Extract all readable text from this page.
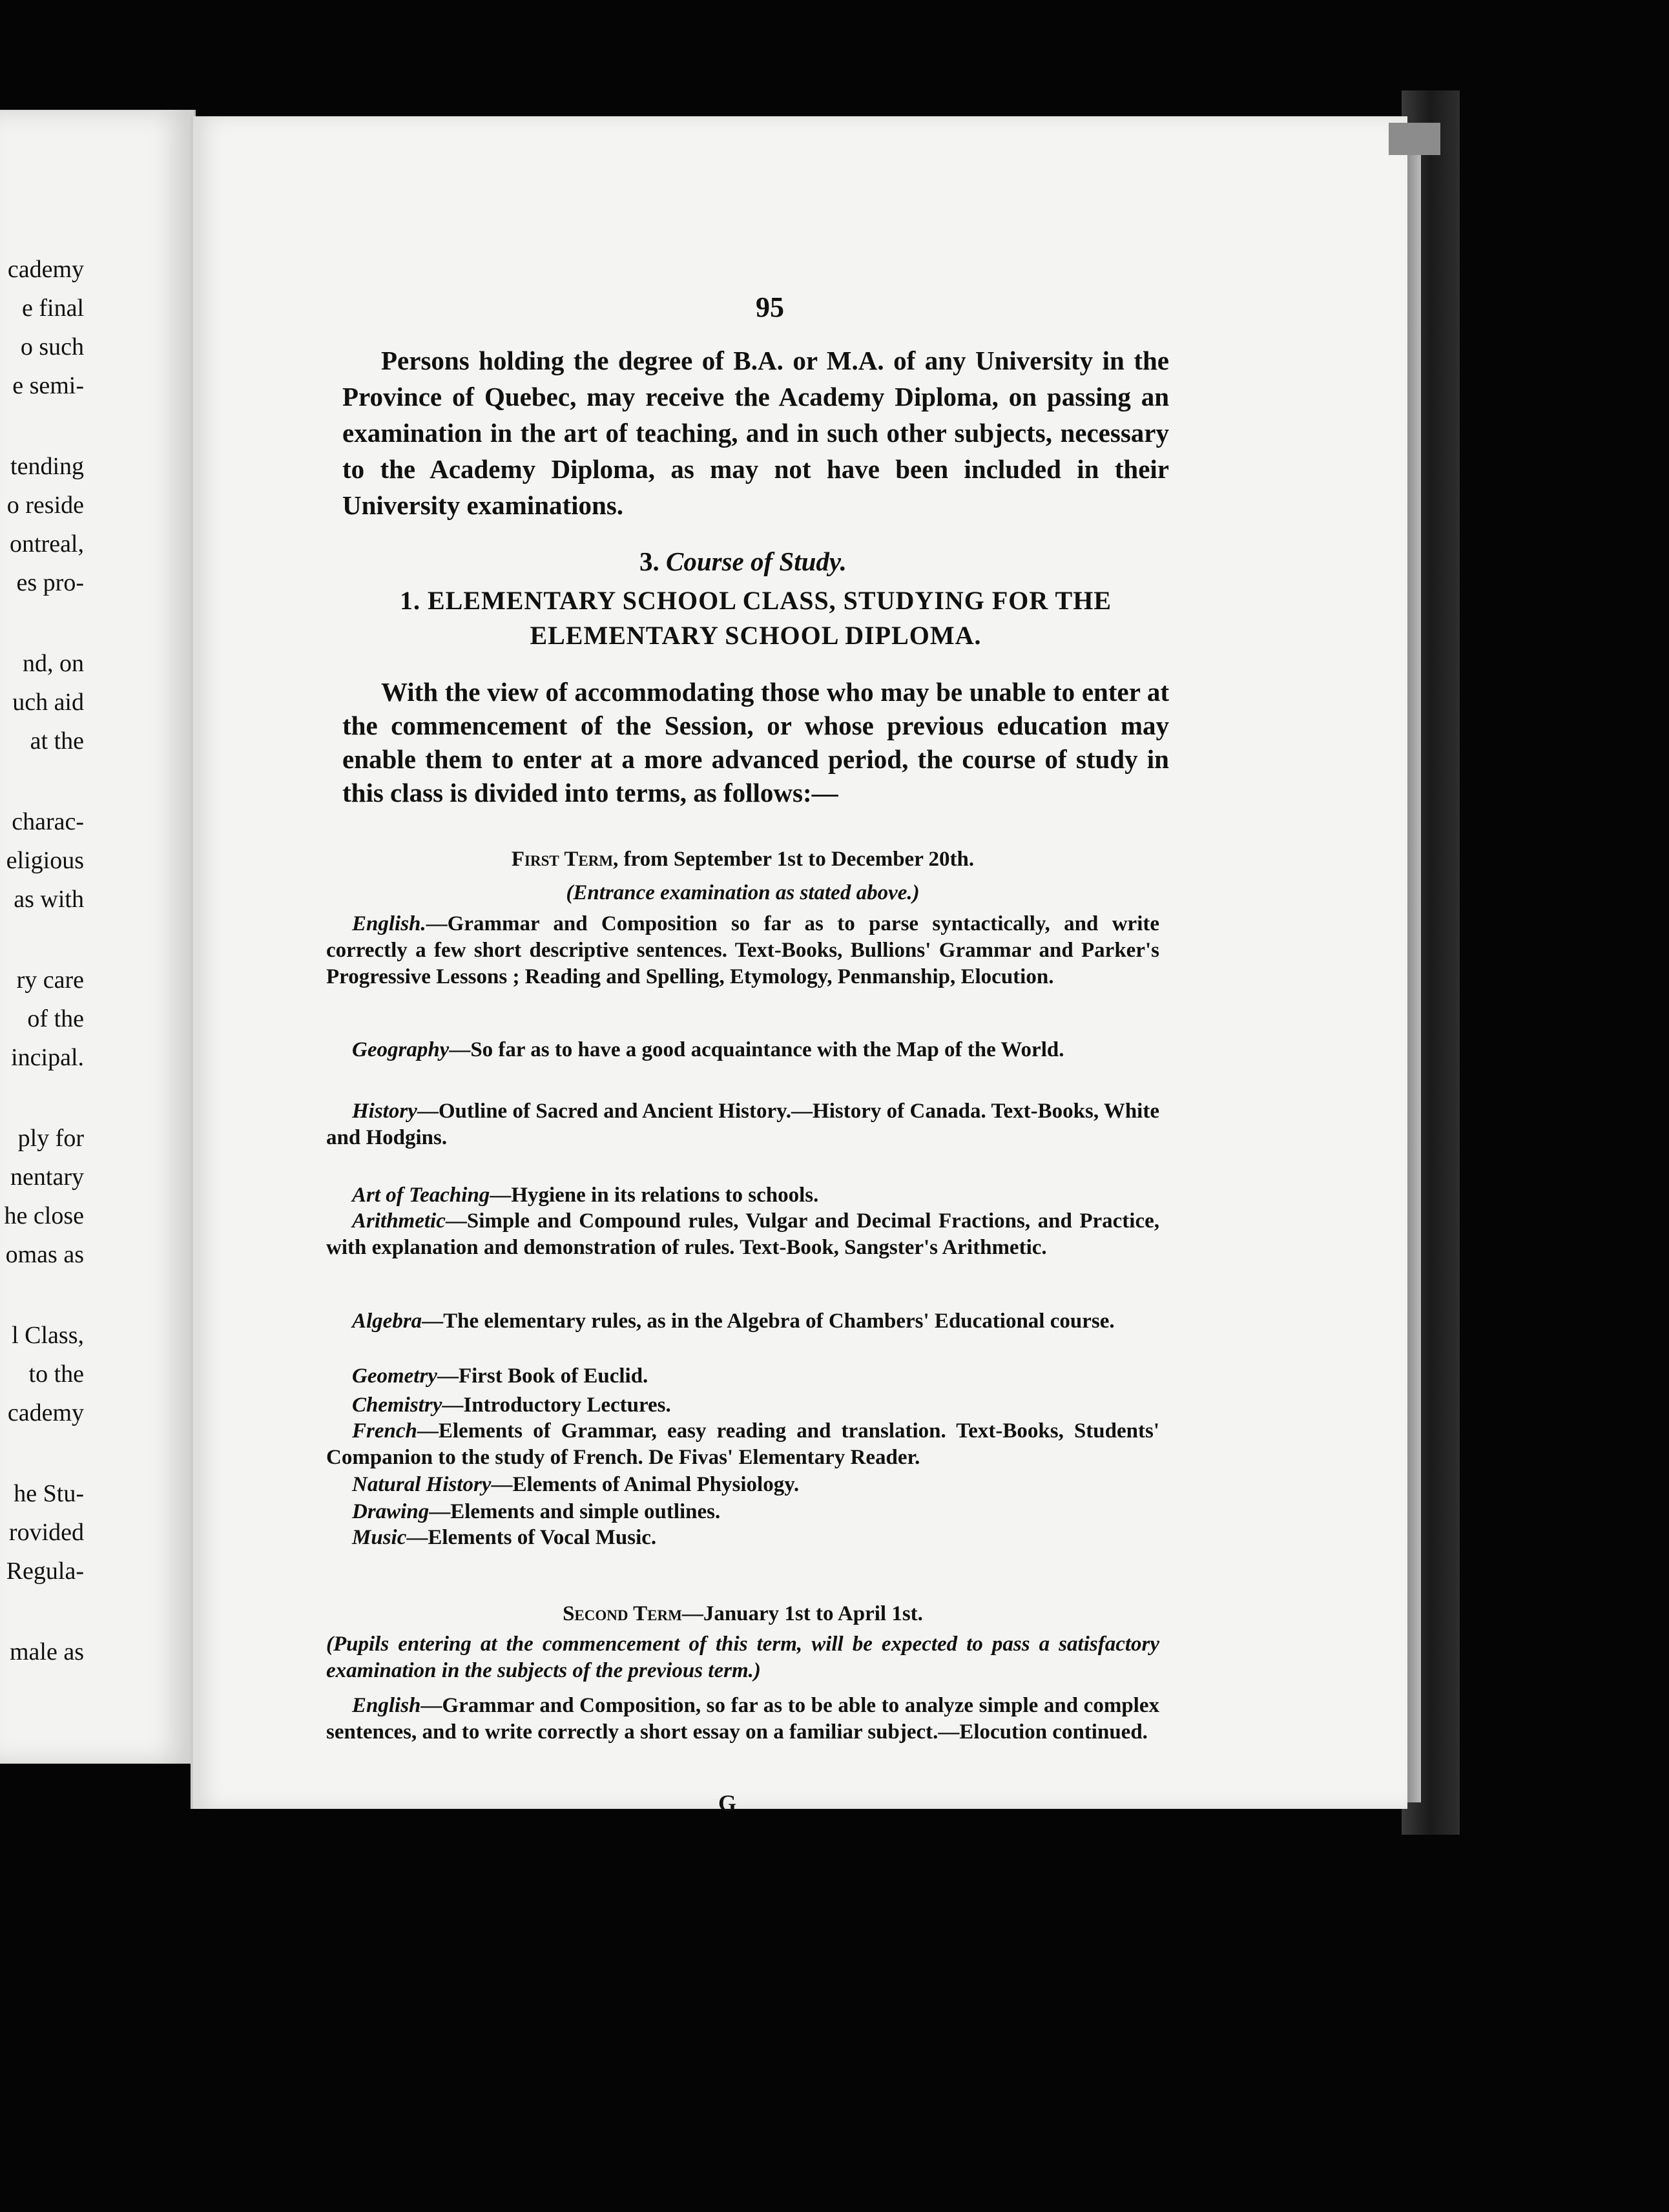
cademy
e final
o such
e semi-
tending
o reside
ontreal,
es pro-
nd, on
uch aid
at the
charac-
eligious
as with
ry care
of the
incipal.
ply for
nentary
he close
omas as
l Class,
to the
cademy
he Stu-
rovided
Regula-
male as
95
Persons holding the degree of B.A. or M.A. of any University in the Province of Quebec, may receive the Academy Diploma, on passing an examination in the art of teaching, and in such other subjects, necessary to the Academy Diploma, as may not have been included in their University examinations.
3. Course of Study.
1. ELEMENTARY SCHOOL CLASS, STUDYING FOR THE
ELEMENTARY SCHOOL DIPLOMA.
With the view of accommodating those who may be unable to enter at the commencement of the Session, or whose previous education may enable them to enter at a more advanced period, the course of study in this class is divided into terms, as follows:—
First Term, from September 1st to December 20th.
(Entrance examination as stated above.)
English.—Grammar and Composition so far as to parse syntactically, and write correctly a few short descriptive sentences. Text-Books, Bullions' Grammar and Parker's Progressive Lessons ; Reading and Spelling, Etymology, Penmanship, Elocution.
Geography—So far as to have a good acquaintance with the Map of the World.
History—Outline of Sacred and Ancient History.—History of Canada. Text-Books, White and Hodgins.
Art of Teaching—Hygiene in its relations to schools.
Arithmetic—Simple and Compound rules, Vulgar and Decimal Fractions, and Practice, with explanation and demonstration of rules. Text-Book, Sangster's Arithmetic.
Algebra—The elementary rules, as in the Algebra of Chambers' Educational course.
Geometry—First Book of Euclid.
Chemistry—Introductory Lectures.
French—Elements of Grammar, easy reading and translation. Text-Books, Students' Companion to the study of French. De Fivas' Elementary Reader.
Natural History—Elements of Animal Physiology.
Drawing—Elements and simple outlines.
Music—Elements of Vocal Music.
Second Term—January 1st to April 1st.
(Pupils entering at the commencement of this term, will be expected to pass a satisfactory examination in the subjects of the previous term.)
English—Grammar and Composition, so far as to be able to analyze simple and complex sentences, and to write correctly a short essay on a familiar subject.—Elocution continued.
G
